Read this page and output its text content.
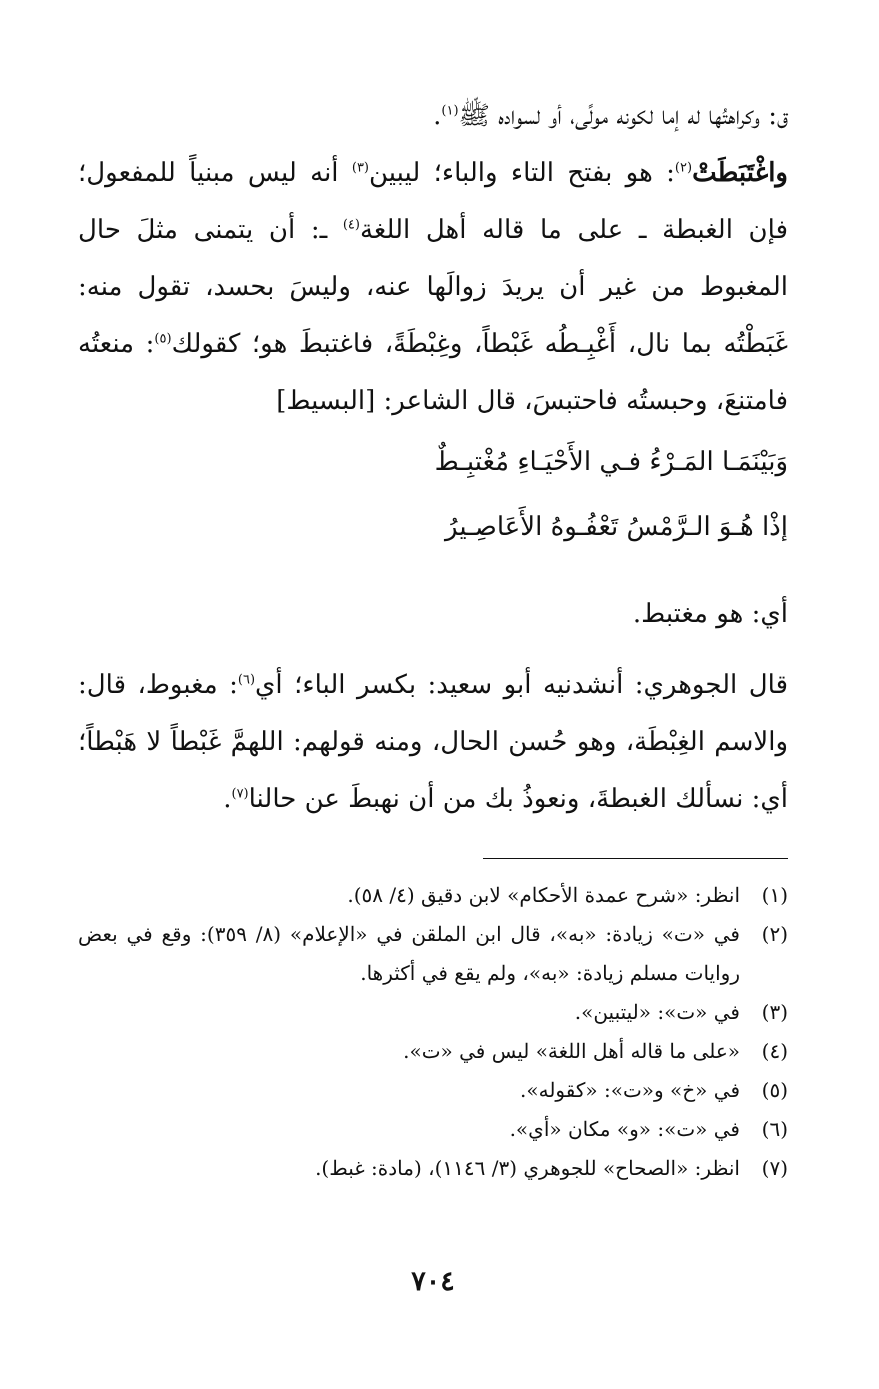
ق: وكراهتُها له إما لكونه مولًى، أو لسواده ﷺ$^{(١)}$.

واغْتَبَطَتْ$^{(٢)}$: هو بفتح التاء والباء؛ ليبين$^{(٣)}$ أنه ليس مبنياً للمفعول؛ فإن الغبطة ـ على ما قاله أهل اللغة$^{(٤)}$ ـ: أن يتمنى مثلَ حال المغبوط من غير أن يريدَ زوالَها عنه، وليسَ بحسد، تقول منه: غَبَطْتُه بما نال، أَغْبِـطُه غَبْطاً، وغِبْطَةً، فاغتبطَ هو؛ كقولك$^{(٥)}$: منعتُه فامتنعَ، وحبستُه فاحتبسَ، قال الشاعر: [البسيط]

وَبَيْنَمَـا المَـرْءُ فـي الأَحْيَـاءِ مُغْتبِـطٌ

إذْا هُـوَ الـرَّمْسُ تَعْفُـوهُ الأَعَاصِـيرُ

أي: هو مغتبط.

قال الجوهري: أنشدنيه أبو سعيد: بكسر الباء؛ أي$^{(٦)}$: مغبوط، قال: والاسم الغِبْطَة، وهو حُسن الحال، ومنه قولهم: اللهمَّ غَبْطاً لا هَبْطاً؛ أي: نسألك الغبطةَ، ونعوذُ بك من أن نهبطَ عن حالنا$^{(٧)}$.

(١)
انظر: «شرح عمدة الأحكام» لابن دقيق (٤/ ٥٨).
(٢)
في «ت» زيادة: «به»، قال ابن الملقن في «الإعلام» (٨/ ٣٥٩): وقع في بعض روايات مسلم زيادة: «به»، ولم يقع في أكثرها.
(٣)
في «ت»: «ليتبين».
(٤)
«على ما قاله أهل اللغة» ليس في «ت».
(٥)
في «خ» و«ت»: «كقوله».
(٦)
في «ت»: «و» مكان «أي».
(٧)
انظر: «الصحاح» للجوهري (٣/ ١١٤٦)، (مادة: غبط).
٧٠٤
